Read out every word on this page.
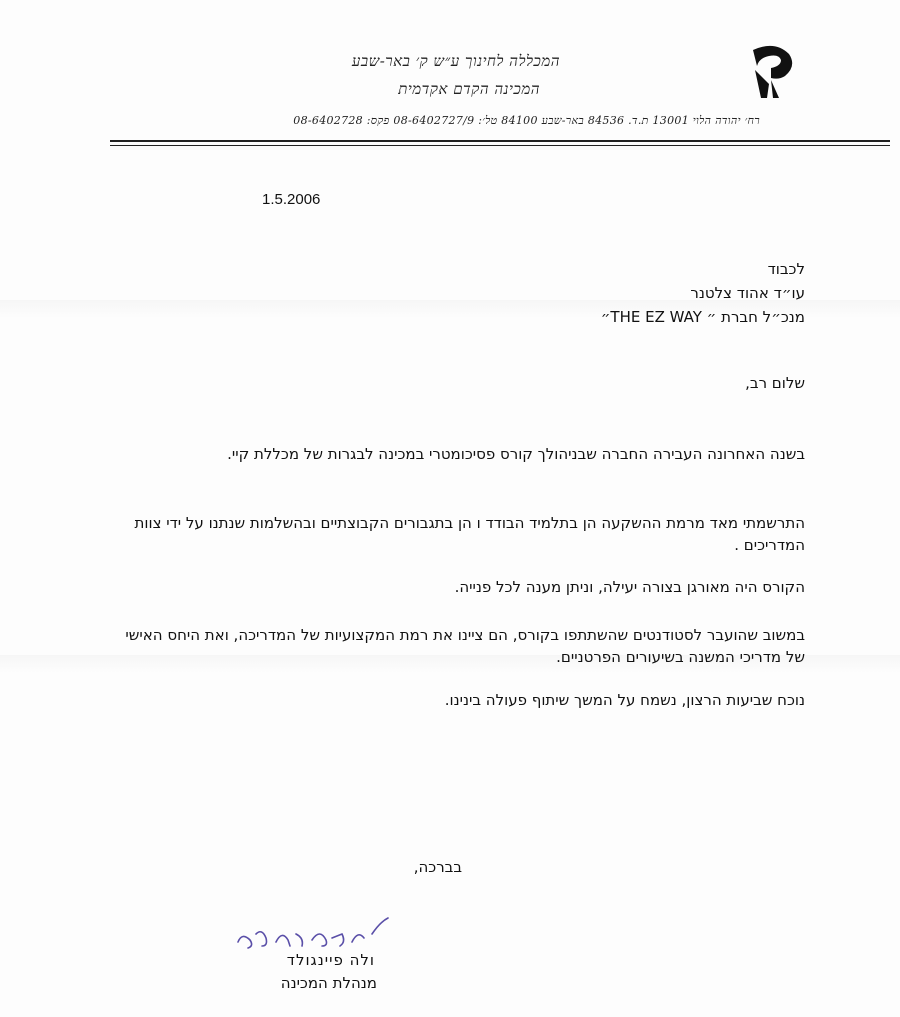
המכללה לחינוך ע״ש ק׳ באר-שבע
המכינה הקדם אקדמית
רח׳ יהודה הלוי 13001 ת.ד. 84536 באר-שבע 84100 טל׳: 08-6402727/9 פקס: 08-6402728
1.5.2006
לכבוד
עו״ד אהוד צלטנר
מנכ״ל חברת ״ THE EZ WAY״
שלום רב,
בשנה האחרונה העבירה החברה שבניהולך קורס פסיכומטרי במכינה לבגרות של מכללת קיי.
התרשמתי מאד מרמת ההשקעה הן בתלמיד הבודד ו הן בתגבורים הקבוצתיים ובהשלמות שנתנו על ידי צוות המדריכים .
הקורס היה מאורגן בצורה יעילה, וניתן מענה לכל פנייה.
במשוב שהועבר לסטודנטים שהשתתפו בקורס, הם ציינו את רמת המקצועיות של המדריכה, ואת היחס האישי של מדריכי המשנה בשיעורים הפרטניים.
נוכח שביעות הרצון, נשמח על המשך שיתוף פעולה בינינו.
בברכה,
ולה פיינגולד
מנהלת המכינה
